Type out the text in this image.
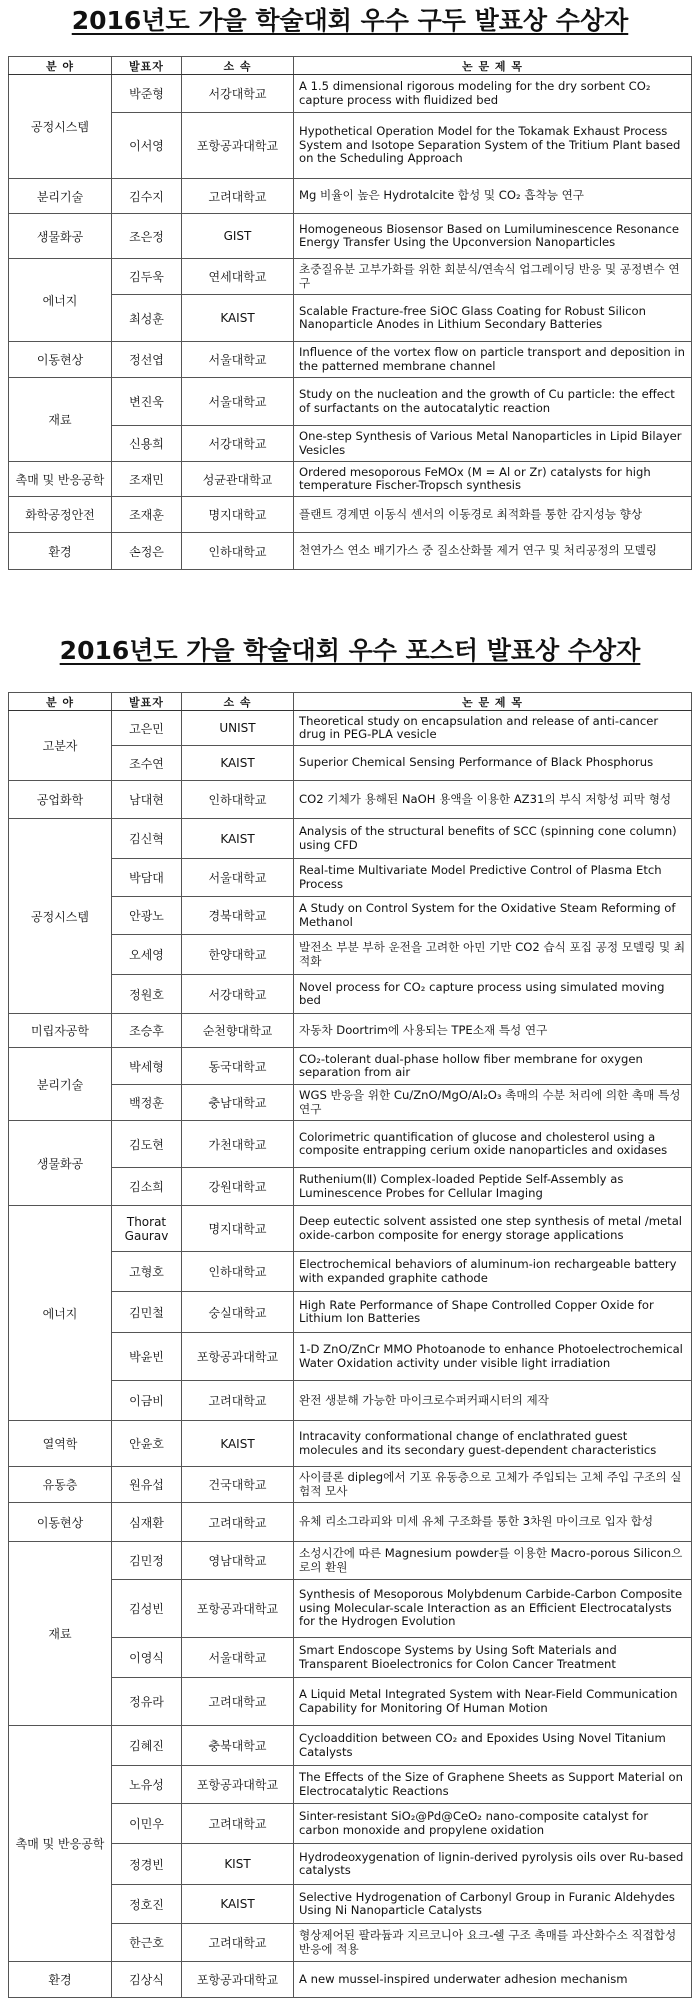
2016년도 가을 학술대회 우수 구두 발표상 수상자
분 야	발표자	소 속	논 문 제 목
공정시스템	박준형	서강대학교	A 1.5 dimensional rigorous modeling for the dry sorbent CO₂ capture process with fluidized bed
	이서영	포항공과대학교	Hypothetical Operation Model for the Tokamak Exhaust Process System and Isotope Separation System of the Tritium Plant based on the Scheduling Approach
분리기술	김수지	고려대학교	Mg 비율이 높은 Hydrotalcite 합성 및 CO₂ 흡착능 연구
생물화공	조은정	GIST	Homogeneous Biosensor Based on Lumiluminescence Resonance Energy Transfer Using the Upconversion Nanoparticles
에너지	김두욱	연세대학교	초중질유분 고부가화를 위한 회분식/연속식 업그레이딩 반응 및 공정변수 연구
	최성훈	KAIST	Scalable Fracture-free SiOC Glass Coating for Robust Silicon Nanoparticle Anodes in Lithium Secondary Batteries
이동현상	정선엽	서울대학교	Influence of the vortex flow on particle transport and deposition in the patterned membrane channel
재료	변진욱	서울대학교	Study on the nucleation and the growth of Cu particle: the effect of surfactants on the autocatalytic reaction
	신용희	서강대학교	One-step Synthesis of Various Metal Nanoparticles in Lipid Bilayer Vesicles
촉매 및 반응공학	조재민	성균관대학교	Ordered mesoporous FeMOx (M = Al or Zr) catalysts for high temperature Fischer-Tropsch synthesis
화학공정안전	조재훈	명지대학교	플랜트 경계면 이동식 센서의 이동경로 최적화를 통한 감지성능 향상
환경	손정은	인하대학교	천연가스 연소 배기가스 중 질소산화물 제거 연구 및 처리공정의 모델링
2016년도 가을 학술대회 우수 포스터 발표상 수상자
분 야	발표자	소 속	논 문 제 목
고분자	고은민	UNIST	Theoretical study on encapsulation and release of anti-cancer drug in PEG-PLA vesicle
	조수연	KAIST	Superior Chemical Sensing Performance of Black Phosphorus
공업화학	남대현	인하대학교	CO2 기체가 용해된 NaOH 용액을 이용한 AZ31의 부식 저항성 피막 형성
공정시스템	김신혁	KAIST	Analysis of the structural benefits of SCC (spinning cone column) using CFD
	박담대	서울대학교	Real-time Multivariate Model Predictive Control of Plasma Etch Process
	안광노	경북대학교	A Study on Control System for the Oxidative Steam Reforming of Methanol
	오세영	한양대학교	발전소 부분 부하 운전을 고려한 아민 기만 CO2 습식 포집 공정 모델링 및 최적화
	정원호	서강대학교	Novel process for CO₂ capture process using simulated moving bed
미립자공학	조승후	순천향대학교	자동차 Doortrim에 사용되는 TPE소재 특성 연구
분리기술	박세형	동국대학교	CO₂-tolerant dual-phase hollow fiber membrane for oxygen separation from air
	백정훈	충남대학교	WGS 반응을 위한 Cu/ZnO/MgO/Al₂O₃ 촉매의 수분 처리에 의한 촉매 특성 연구
생물화공	김도현	가천대학교	Colorimetric quantification of glucose and cholesterol using a composite entrapping cerium oxide nanoparticles and oxidases
	김소희	강원대학교	Ruthenium(Ⅱ) Complex-loaded Peptide Self-Assembly as Luminescence Probes for Cellular Imaging
에너지	Thorat Gaurav	명지대학교	Deep eutectic solvent assisted one step synthesis of metal /metal oxide-carbon composite for energy storage applications
	고형호	인하대학교	Electrochemical behaviors of aluminum-ion rechargeable battery with expanded graphite cathode
	김민철	숭실대학교	High Rate Performance of Shape Controlled Copper Oxide for Lithium Ion Batteries
	박윤빈	포항공과대학교	1-D ZnO/ZnCr MMO Photoanode to enhance Photoelectrochemical Water Oxidation activity under visible light irradiation
	이금비	고려대학교	완전 생분해 가능한 마이크로수퍼커패시터의 제작
열역학	안윤호	KAIST	Intracavity conformational change of enclathrated guest molecules and its secondary guest-dependent characteristics
유동층	원유섭	건국대학교	사이클론 dipleg에서 기포 유동층으로 고체가 주입되는 고체 주입 구조의 실험적 모사
이동현상	심재환	고려대학교	유체 리소그라피와 미세 유체 구조화를 통한 3차원 마이크로 입자 합성
재료	김민정	영남대학교	소성시간에 따른 Magnesium powder를 이용한 Macro-porous Silicon으로의 환원
	김성빈	포항공과대학교	Synthesis of Mesoporous Molybdenum Carbide-Carbon Composite using Molecular-scale Interaction as an Efficient Electrocatalysts for the Hydrogen Evolution
	이영식	서울대학교	Smart Endoscope Systems by Using Soft Materials and Transparent Bioelectronics for Colon Cancer Treatment
	정유라	고려대학교	A Liquid Metal Integrated System with Near-Field Communication Capability for Monitoring Of Human Motion
촉매 및 반응공학	김혜진	충북대학교	Cycloaddition between CO₂ and Epoxides Using Novel Titanium Catalysts
	노유성	포항공과대학교	The Effects of the Size of Graphene Sheets as Support Material on Electrocatalytic Reactions
	이민우	고려대학교	Sinter-resistant SiO₂@Pd@CeO₂ nano-composite catalyst for carbon monoxide and propylene oxidation
	정경빈	KIST	Hydrodeoxygenation of lignin-derived pyrolysis oils over Ru-based catalysts
	정호진	KAIST	Selective Hydrogenation of Carbonyl Group in Furanic Aldehydes Using Ni Nanoparticle Catalysts
	한근호	고려대학교	형상제어된 팔라듐과 지르코니아 요크-쉘 구조 촉매를 과산화수소 직접합성반응에 적용
환경	김상식	포항공과대학교	A new mussel-inspired underwater adhesion mechanism
